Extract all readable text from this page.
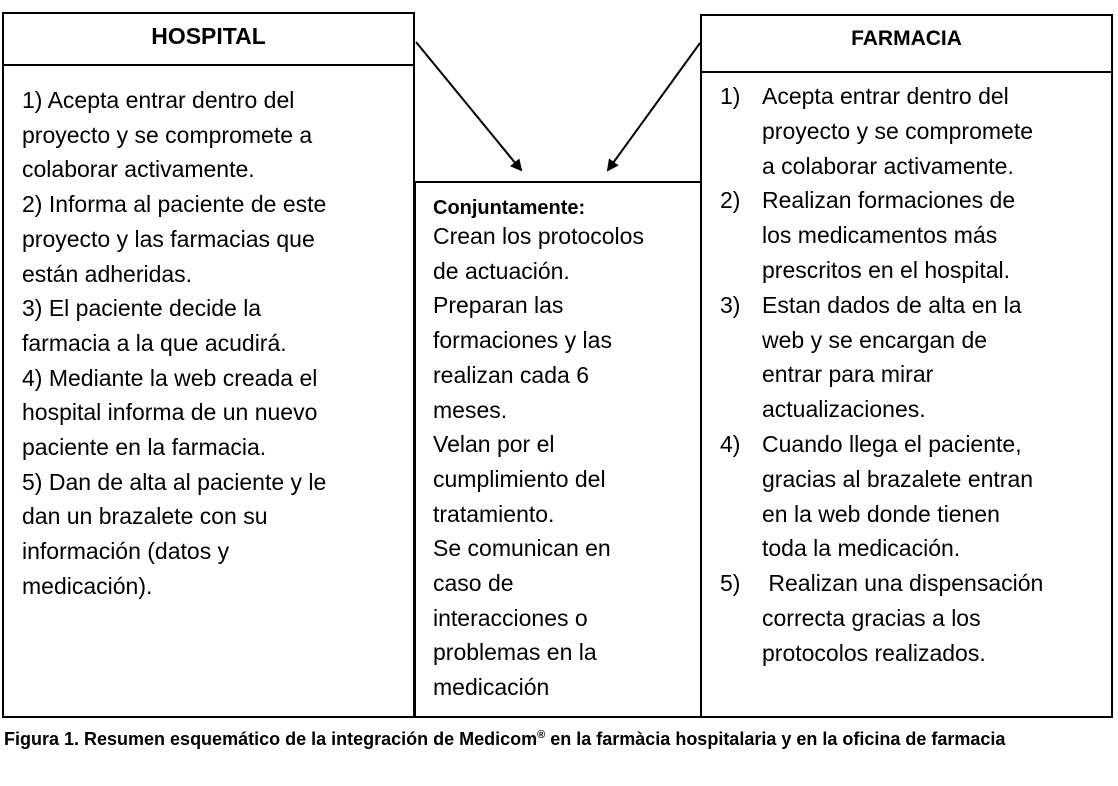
HOSPITAL
1) Acepta entrar dentro del
proyecto y se compromete a
colaborar activamente.
2) Informa al paciente de este
proyecto y las farmacias que
están adheridas.
3) El paciente decide la
farmacia a la que acudirá.
4) Mediante la web creada el
hospital informa de un nuevo
paciente en la farmacia.
5) Dan de alta al paciente y le
dan un brazalete con su
información (datos y
medicación).
Conjuntamente:
Crean los protocolos
de actuación.
Preparan las
formaciones y las
realizan cada 6
meses.
Velan por el
cumplimiento del
tratamiento.
Se comunican en
caso de
interacciones o
problemas en la
medicación
FARMACIA
1) Acepta entrar dentro del
proyecto y se compromete
a colaborar activamente.
2) Realizan formaciones de
los medicamentos más
prescritos en el hospital.
3) Estan dados de alta en la
web y se encargan de
entrar para mirar
actualizaciones.
4) Cuando llega el paciente,
gracias al brazalete entran
en la web donde tienen
toda la medicación.
5) Realizan una dispensación
correcta gracias a los
protocolos realizados.
Figura 1. Resumen esquemático de la integración de Medicom® en la farmàcia hospitalaria y en la oficina de farmacia
